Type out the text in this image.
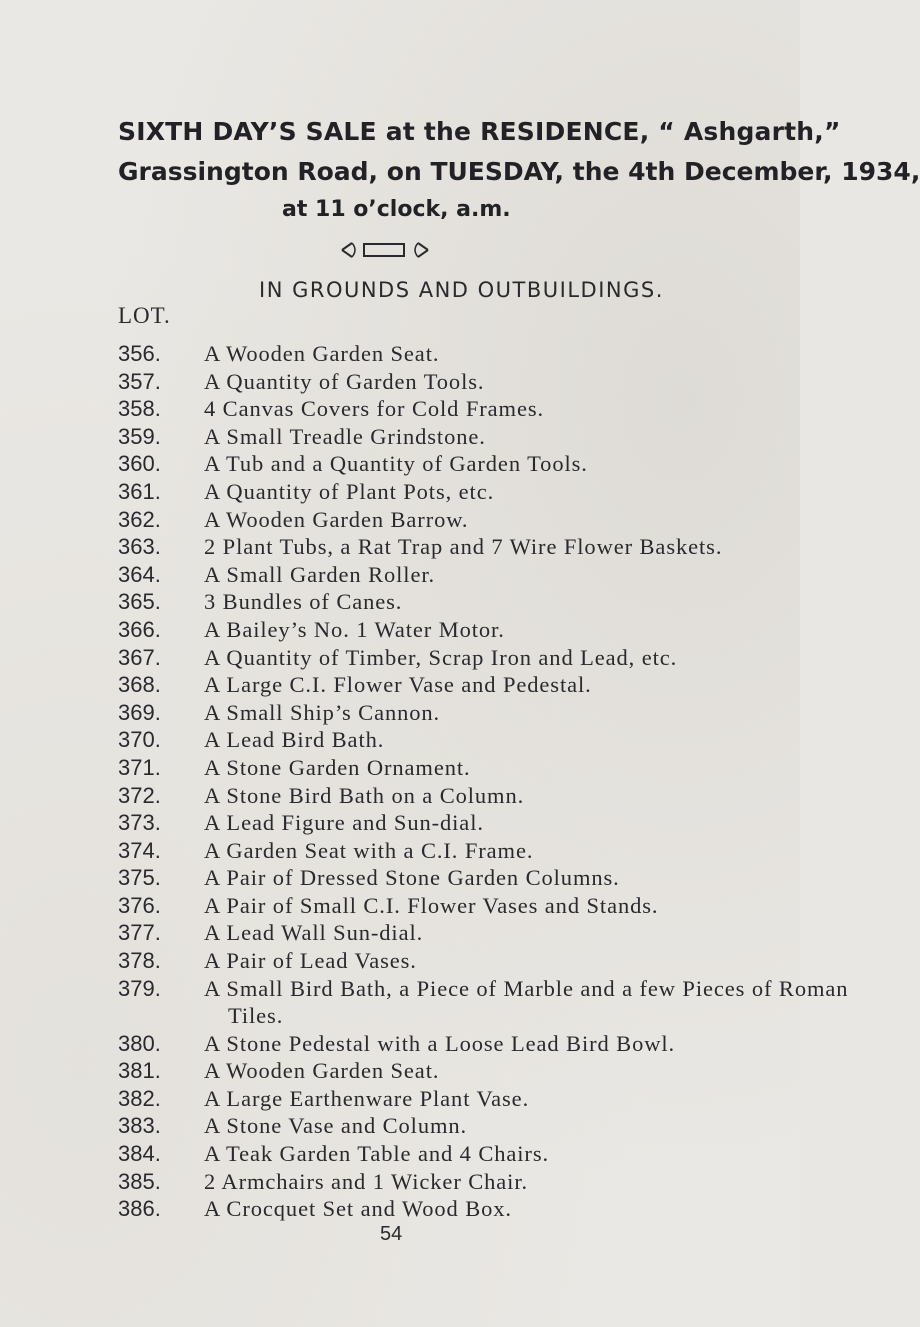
SIXTH DAY’S SALE at the RESIDENCE, “ Ashgarth,”
Grassington Road, on TUESDAY, the 4th December, 1934,
at 11 o’clock, a.m.
IN GROUNDS AND OUTBUILDINGS.
LOT.
356.	A Wooden Garden Seat.
357.	A Quantity of Garden Tools.
358.	4 Canvas Covers for Cold Frames.
359.	A Small Treadle Grindstone.
360.	A Tub and a Quantity of Garden Tools.
361.	A Quantity of Plant Pots, etc.
362.	A Wooden Garden Barrow.
363.	2 Plant Tubs, a Rat Trap and 7 Wire Flower Baskets.
364.	A Small Garden Roller.
365.	3 Bundles of Canes.
366.	A Bailey’s No. 1 Water Motor.
367.	A Quantity of Timber, Scrap Iron and Lead, etc.
368.	A Large C.I. Flower Vase and Pedestal.
369.	A Small Ship’s Cannon.
370.	A Lead Bird Bath.
371.	A Stone Garden Ornament.
372.	A Stone Bird Bath on a Column.
373.	A Lead Figure and Sun-dial.
374.	A Garden Seat with a C.I. Frame.
375.	A Pair of Dressed Stone Garden Columns.
376.	A Pair of Small C.I. Flower Vases and Stands.
377.	A Lead Wall Sun-dial.
378.	A Pair of Lead Vases.
379.	A Small Bird Bath, a Piece of Marble and a few Pieces of Roman
Tiles.
380.	A Stone Pedestal with a Loose Lead Bird Bowl.
381.	A Wooden Garden Seat.
382.	A Large Earthenware Plant Vase.
383.	A Stone Vase and Column.
384.	A Teak Garden Table and 4 Chairs.
385.	2 Armchairs and 1 Wicker Chair.
386.	A Crocquet Set and Wood Box.
54
